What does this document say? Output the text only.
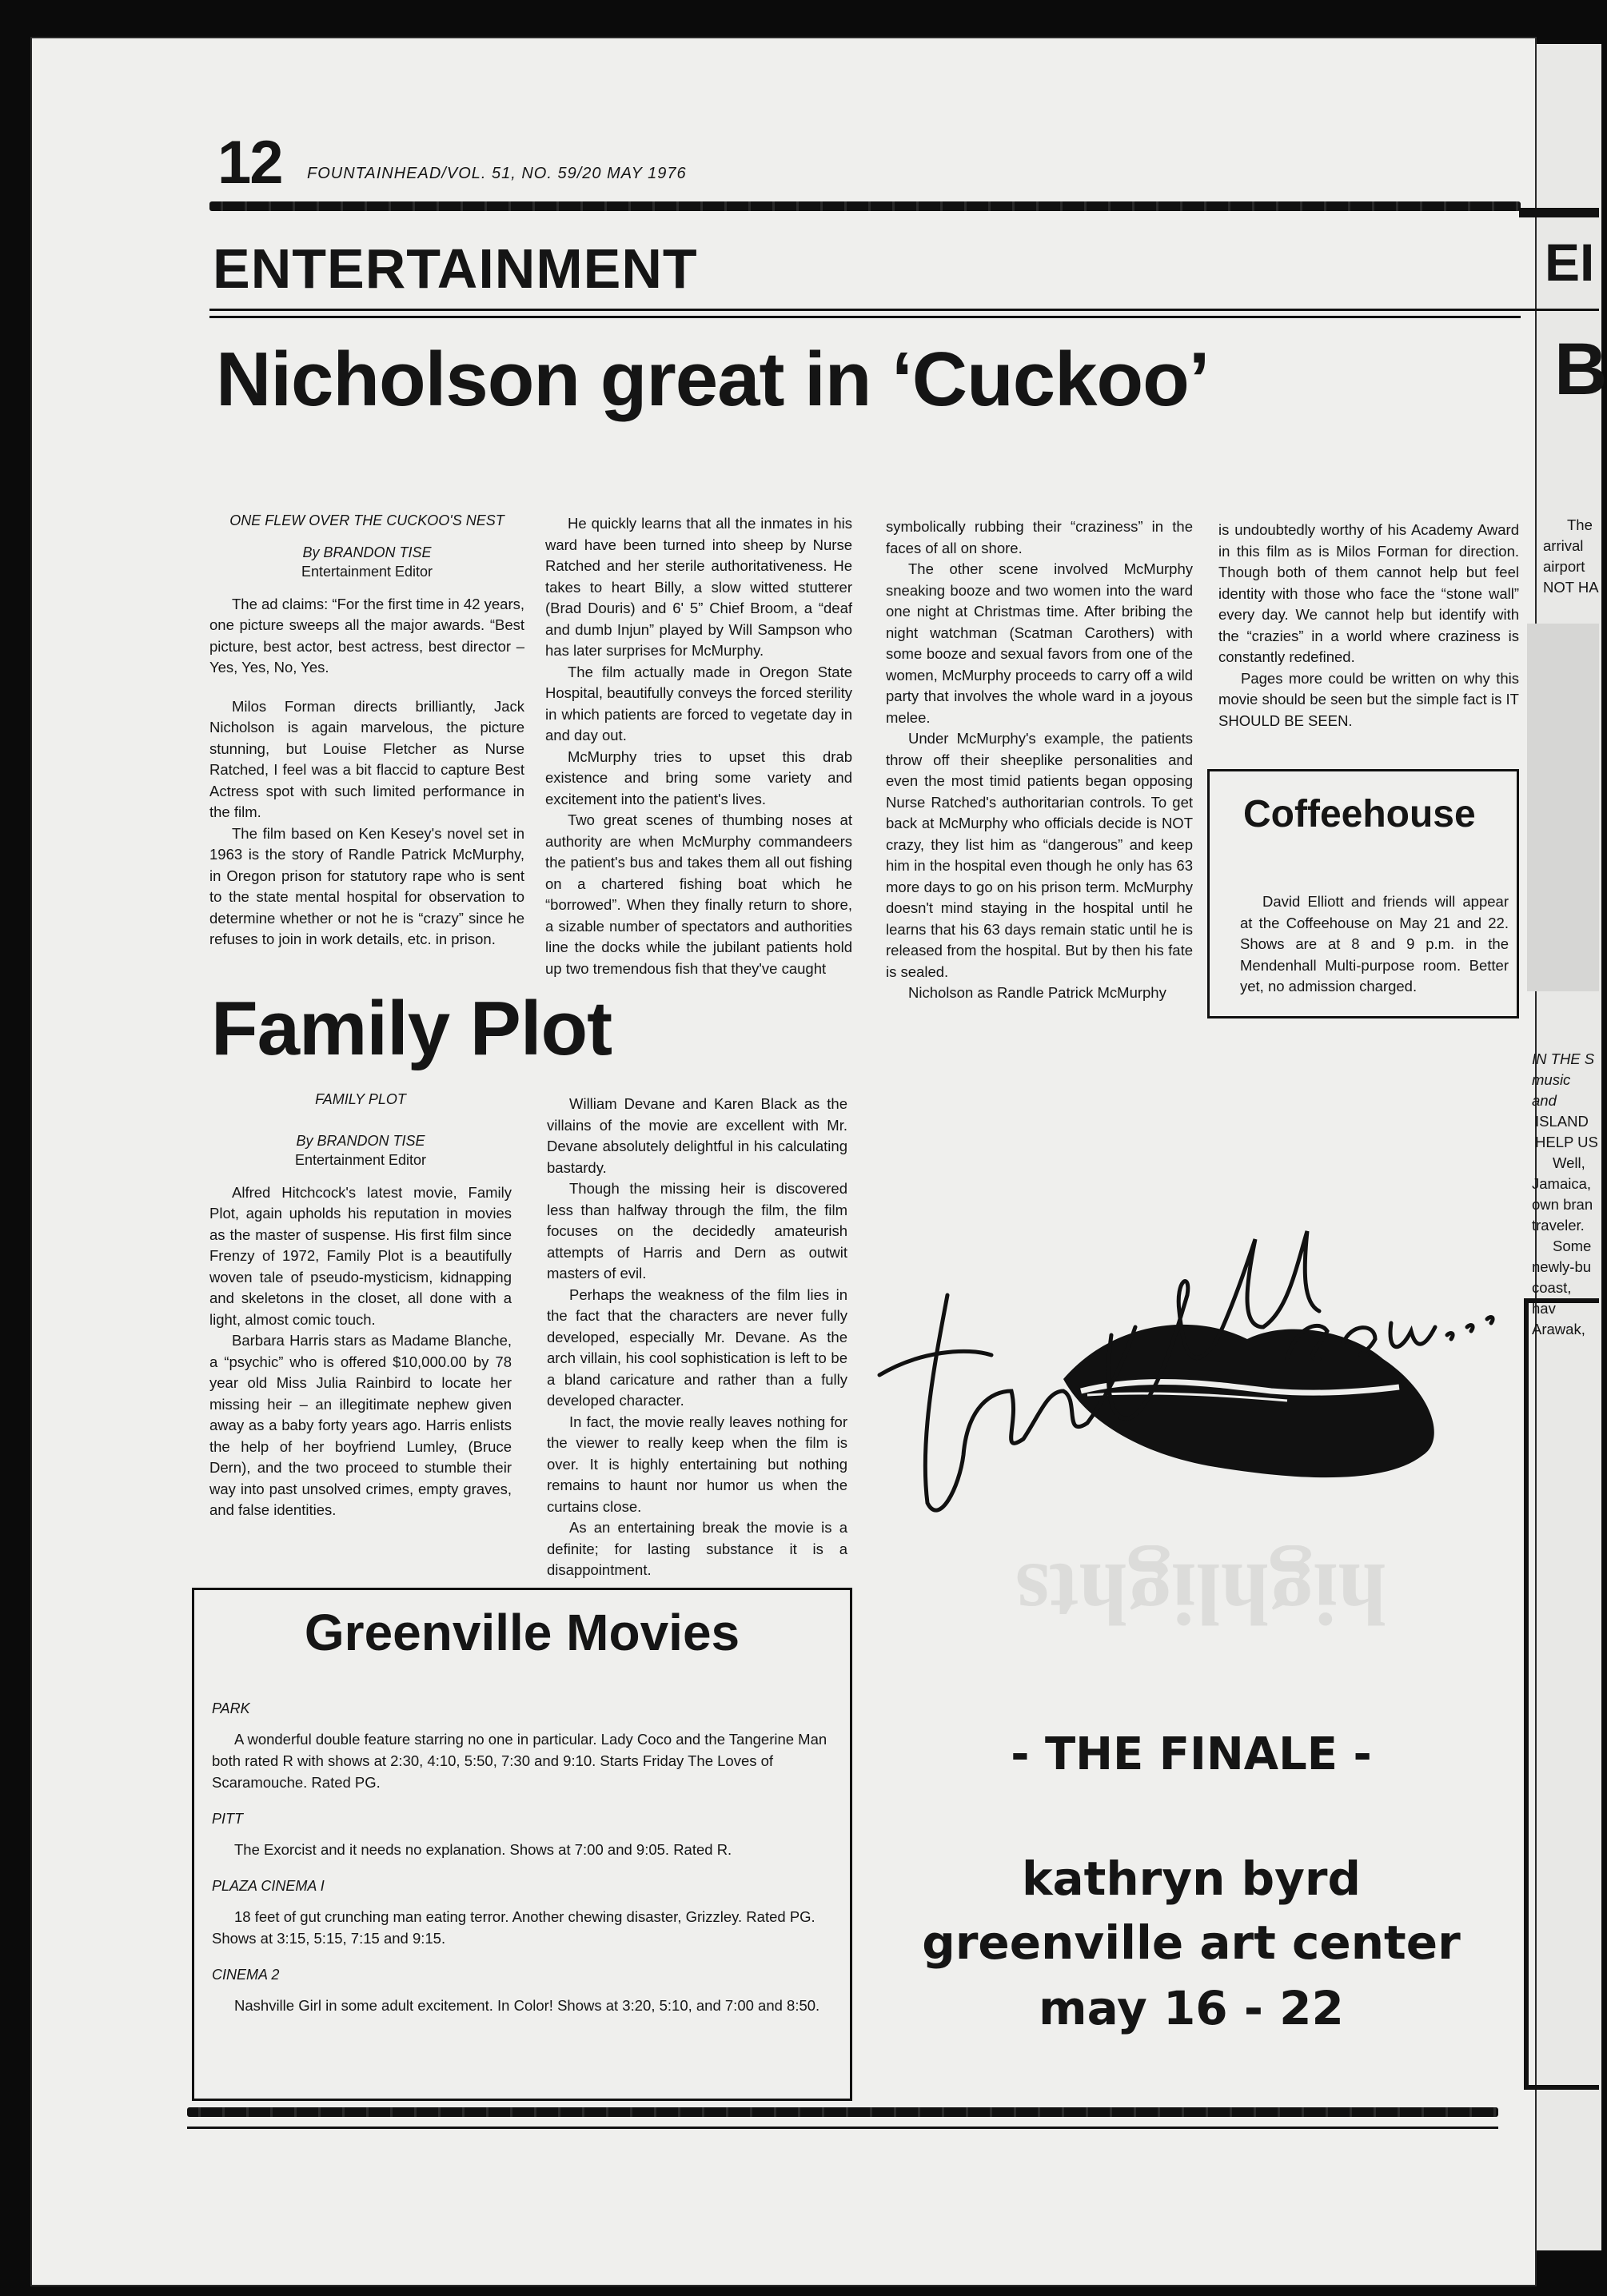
12 FOUNTAINHEAD/VOL. 51, NO. 59/20 MAY 1976
ENTERTAINMENT
Nicholson great in ‘Cuckoo’
ONE FLEW OVER THE CUCKOO'S NEST
By BRANDON TISE
Entertainment Editor

The ad claims: “For the first time in 42 years, one picture sweeps all the major awards. “Best picture, best actor, best actress, best director – Yes, Yes, No, Yes.

Milos Forman directs brilliantly, Jack Nicholson is again marvelous, the picture stunning, but Louise Fletcher as Nurse Ratched, I feel was a bit flaccid to capture Best Actress spot with such limited performance in the film.

The film based on Ken Kesey's novel set in 1963 is the story of Randle Patrick McMurphy, in Oregon prison for statutory rape who is sent to the state mental hospital for observation to determine whether or not he is “crazy” since he refuses to join in work details, etc. in prison.

He quickly learns that all the inmates in his ward have been turned into sheep by Nurse Ratched and her sterile authoritativeness. He takes to heart Billy, a slow witted stutterer (Brad Douris) and 6' 5” Chief Broom, a “deaf and dumb Injun” played by Will Sampson who has later surprises for McMurphy.

The film actually made in Oregon State Hospital, beautifully conveys the forced sterility in which patients are forced to vegetate day in and day out.

McMurphy tries to upset this drab existence and bring some variety and excitement into the patient's lives.

Two great scenes of thumbing noses at authority are when McMurphy commandeers the patient's bus and takes them all out fishing on a chartered fishing boat which he “borrowed”. When they finally return to shore, a sizable number of spectators and authorities line the docks while the jubilant patients hold up two tremendous fish that they've caught

symbolically rubbing their “craziness” in the faces of all on shore.

The other scene involved McMurphy sneaking booze and two women into the ward one night at Christmas time. After bribing the night watchman (Scatman Carothers) with some booze and sexual favors from one of the women, McMurphy proceeds to carry off a wild party that involves the whole ward in a joyous melee.

Under McMurphy's example, the patients throw off their sheeplike personalities and even the most timid patients began opposing Nurse Ratched's authoritarian controls. To get back at McMurphy who officials decide is NOT crazy, they list him as “dangerous” and keep him in the hospital even though he only has 63 more days to go on his prison term. McMurphy doesn't mind staying in the hospital until he learns that his 63 days remain static until he is released from the hospital. But by then his fate is sealed.

Nicholson as Randle Patrick McMurphy

is undoubtedly worthy of his Academy Award in this film as is Milos Forman for direction. Though both of them cannot help but feel identity with those who face the “stone wall” every day. We cannot help but identify with the “crazies” in a world where craziness is constantly redefined.

Pages more could be written on why this movie should be seen but the simple fact is IT SHOULD BE SEEN.

Coffeehouse

David Elliott and friends will appear at the Coffeehouse on May 21 and 22. Shows are at 8 and 9 p.m. in the Mendenhall Multi-purpose room. Better yet, no admission charged.

Family Plot
FAMILY PLOT
By BRANDON TISE
Entertainment Editor

Alfred Hitchcock's latest movie, Family Plot, again upholds his reputation in movies as the master of suspense. His first film since Frenzy of 1972, Family Plot is a beautifully woven tale of pseudo-mysticism, kidnapping and skeletons in the closet, all done with a light, almost comic touch.

Barbara Harris stars as Madame Blanche, a “psychic” who is offered $10,000.00 by 78 year old Miss Julia Rainbird to locate her missing heir – an illegitimate nephew given away as a baby forty years ago. Harris enlists the help of her boyfriend Lumley, (Bruce Dern), and the two proceed to stumble their way into past unsolved crimes, empty graves, and false identities.

William Devane and Karen Black as the villains of the movie are excellent with Mr. Devane absolutely delightful in his calculating bastardy.

Though the missing heir is discovered less than halfway through the film, the film focuses on the decidedly amateurish attempts of Harris and Dern as outwit masters of evil.

Perhaps the weakness of the film lies in the fact that the characters are never fully developed, especially Mr. Devane. As the arch villain, his cool sophistication is left to be a bland caricature and rather than a fully developed character.

In fact, the movie really leaves nothing for the viewer to really keep when the film is over. It is highly entertaining but nothing remains to haunt nor humor us when the curtains close.

As an entertaining break the movie is a definite; for lasting substance it is a disappointment.

Greenville Movies
PARK

A wonderful double feature starring no one in particular. Lady Coco and the Tangerine Man both rated R with shows at 2:30, 4:10, 5:50, 7:30 and 9:10. Starts Friday The Loves of Scaramouche. Rated PG.

PITT

The Exorcist and it needs no explanation. Shows at 7:00 and 9:05. Rated R.

PLAZA CINEMA I

18 feet of gut crunching man eating terror. Another chewing disaster, Grizzley. Rated PG. Shows at 3:15, 5:15, 7:15 and 9:15.

CINEMA 2

Nashville Girl in some adult excitement. In Color! Shows at 3:20, 5:10, and 7:00 and 8:50.

highlights
- THE FINALE -
kathryn byrd
greenville art center
may 16 - 22
EI
B
The
arrival
airport
NOT HA
IN THE S
music and
ISLAND
HELP US
Well,
Jamaica,
own bran
traveler.
Some
newly-bu
coast, hav
Arawak,
